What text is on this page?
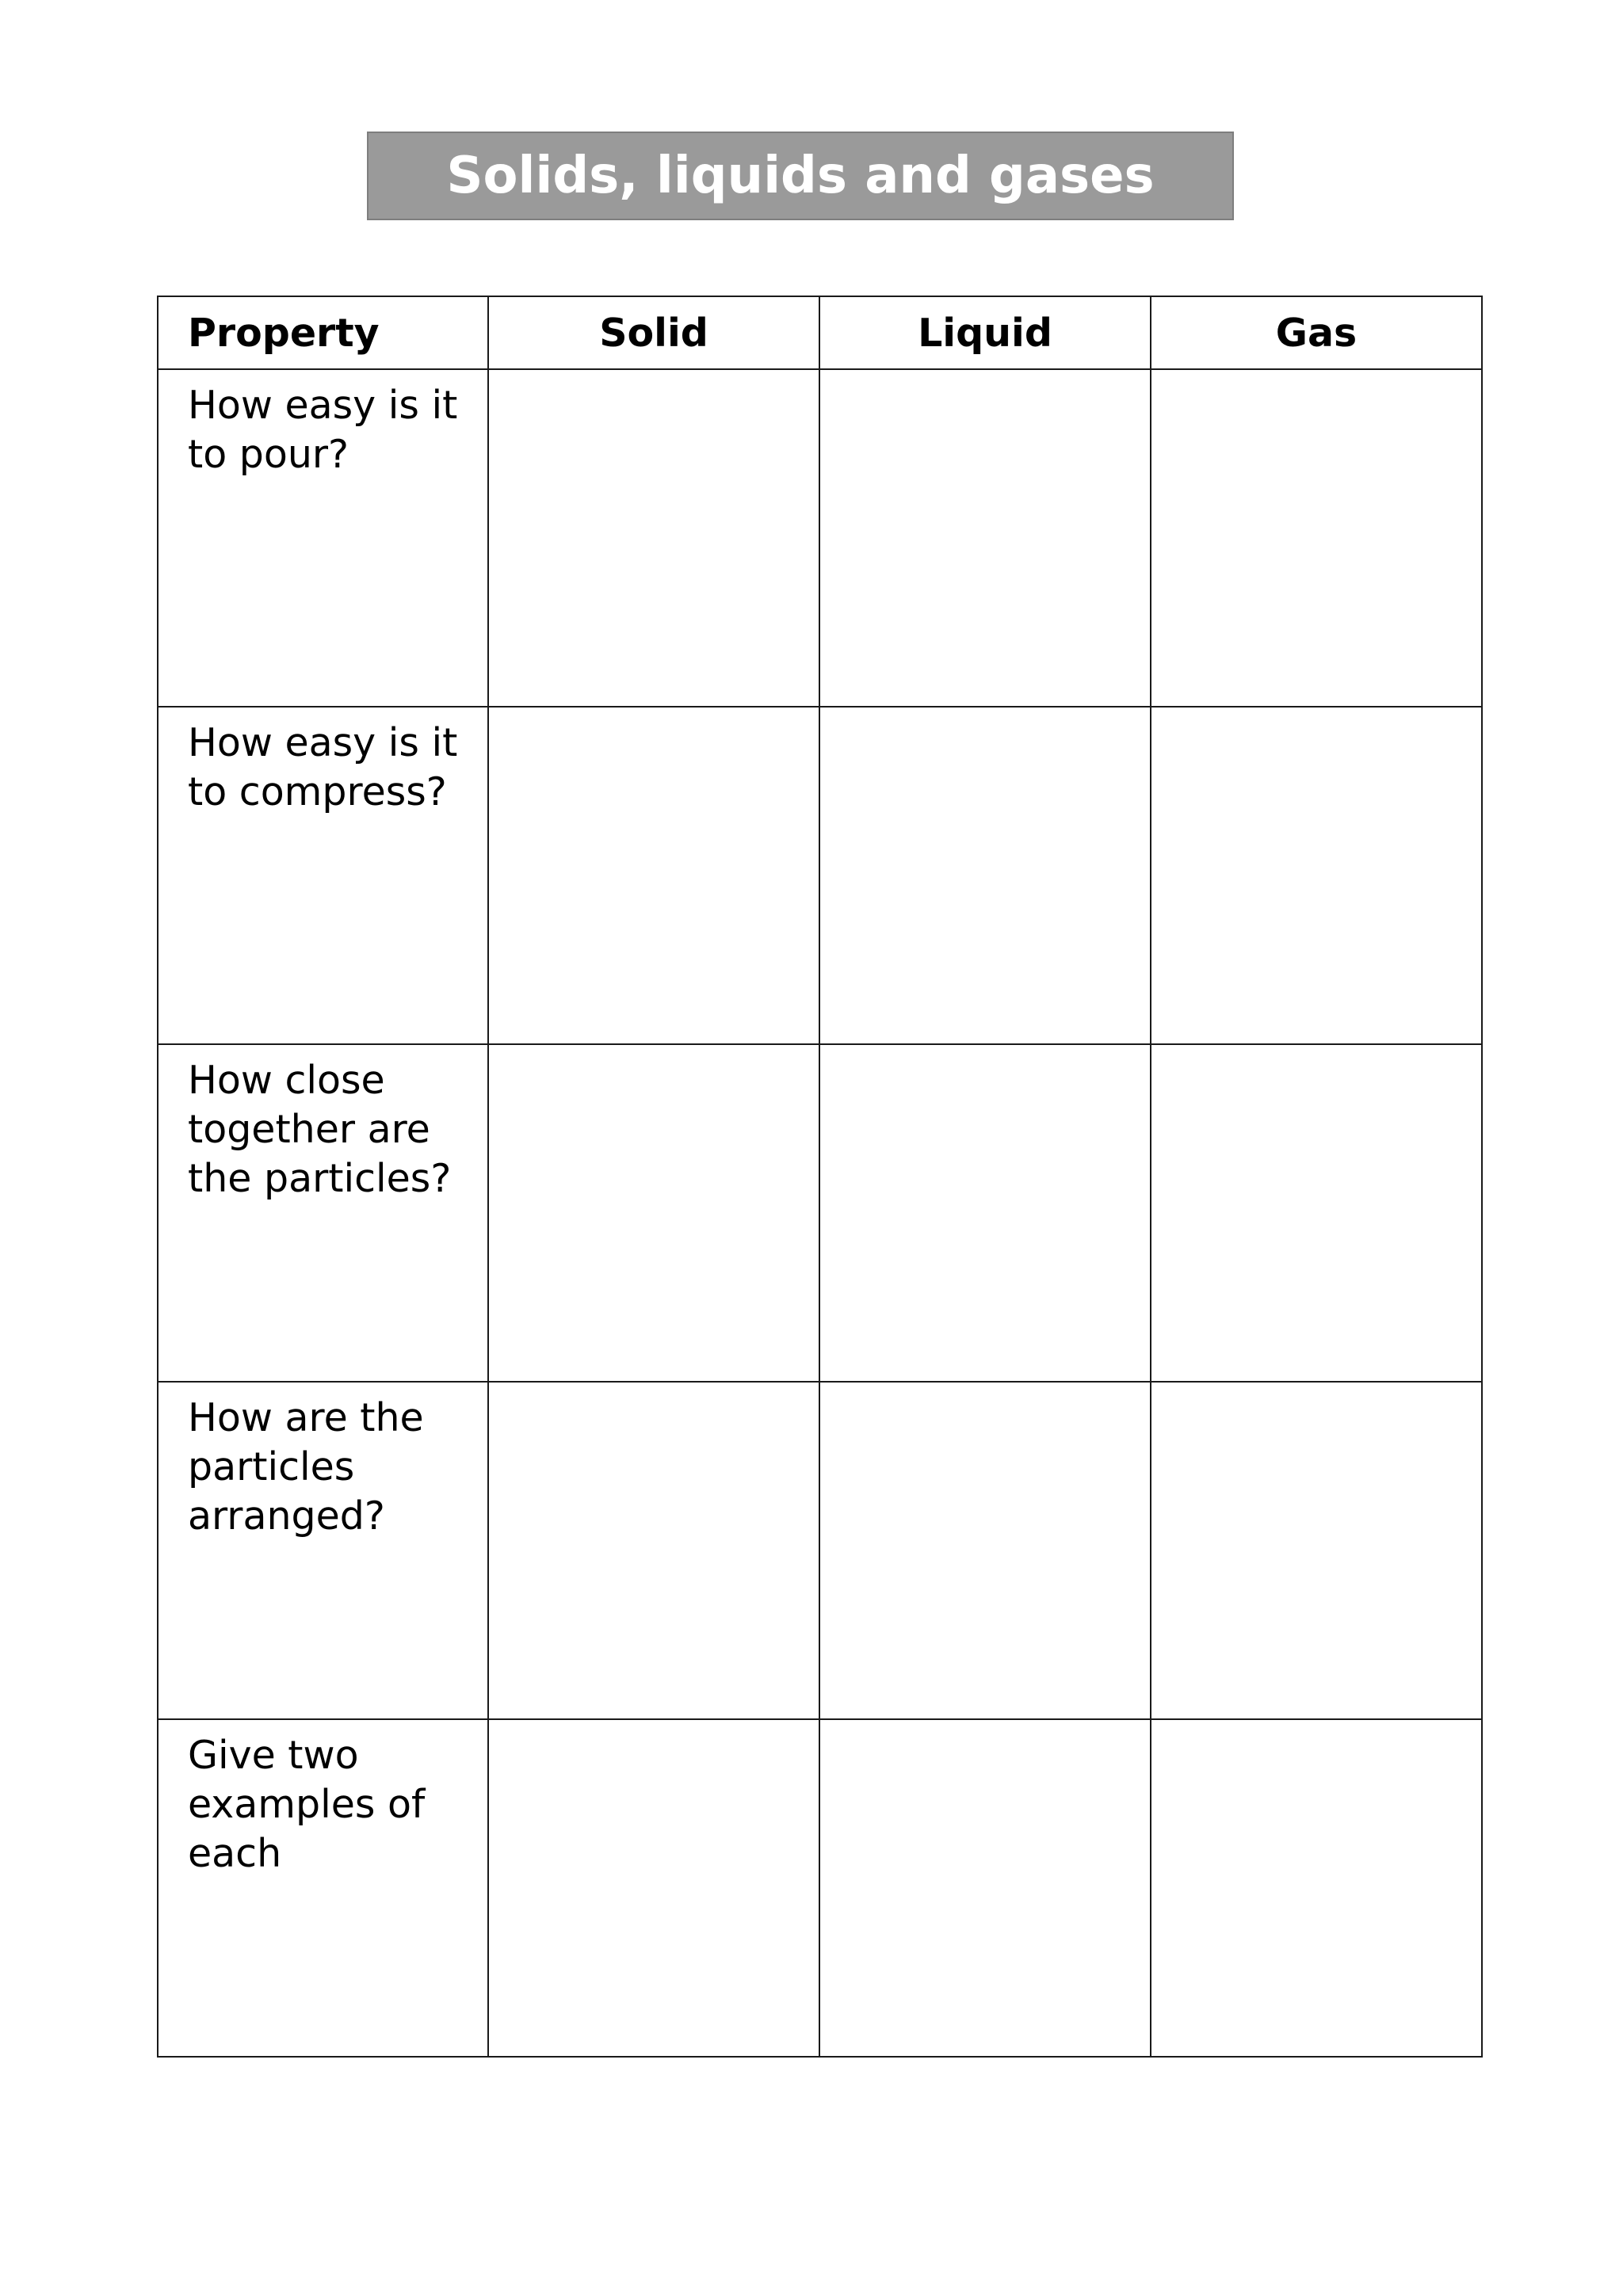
Solids, liquids and gases
Property	Solid	Liquid	Gas
How easy is it to pour?			
How easy is it to compress?			
How close together are the particles?			
How are the particles arranged?			
Give two examples of each			
